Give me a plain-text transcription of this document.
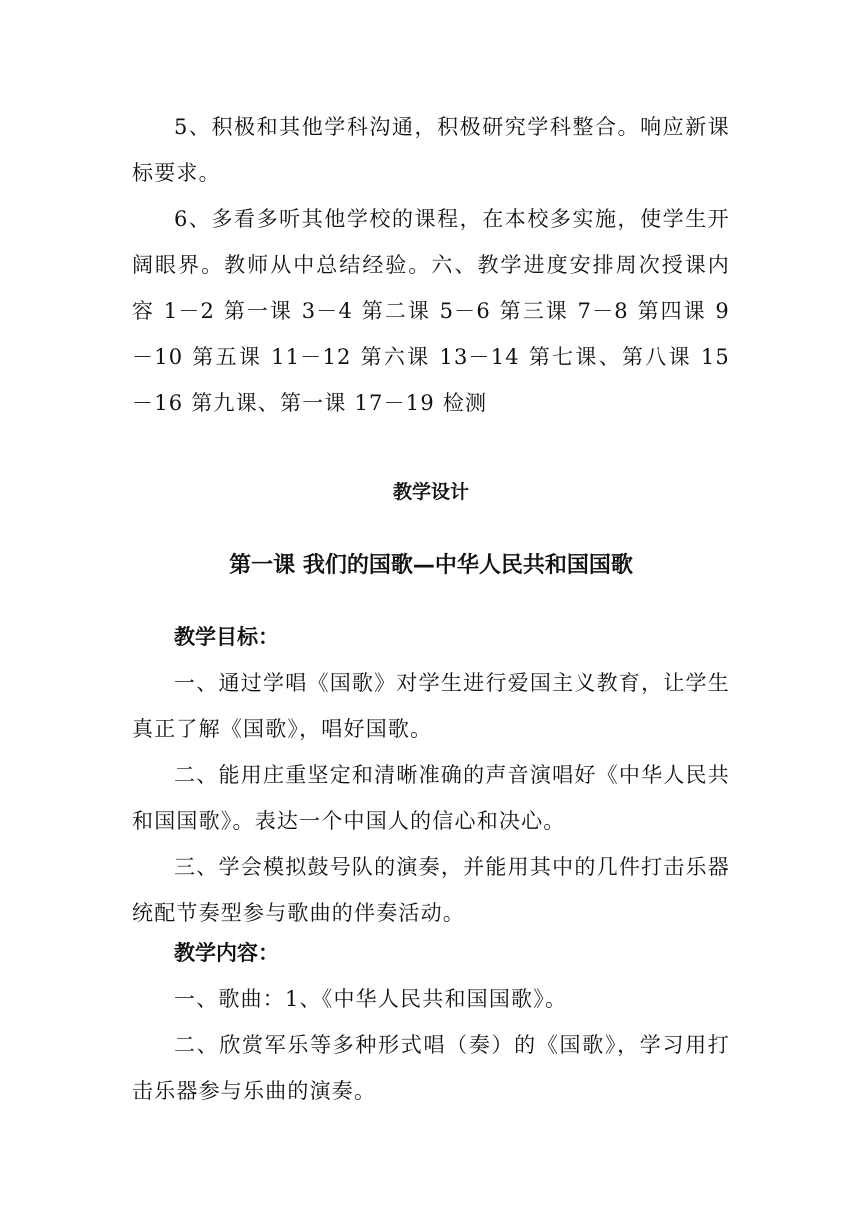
5、积极和其他学科沟通，积极研究学科整合。响应新课标要求。

6、多看多听其他学校的课程，在本校多实施，使学生开阔眼界。教师从中总结经验。六、教学进度安排周次授课内容 1－2 第一课 3－4 第二课 5－6 第三课 7－8 第四课 9－10 第五课 11－12 第六课 13－14 第七课、第八课 15－16 第九课、第一课 17－19 检测

教学设计
第一课 我们的国歌—中华人民共和国国歌
教学目标：

一、通过学唱《国歌》对学生进行爱国主义教育，让学生真正了解《国歌》，唱好国歌。

二、能用庄重坚定和清晰准确的声音演唱好《中华人民共和国国歌》。表达一个中国人的信心和决心。

三、学会模拟鼓号队的演奏，并能用其中的几件打击乐器统配节奏型参与歌曲的伴奏活动。

教学内容：

一、歌曲：1、《中华人民共和国国歌》。

二、欣赏军乐等多种形式唱（奏）的《国歌》，学习用打击乐器参与乐曲的演奏。
